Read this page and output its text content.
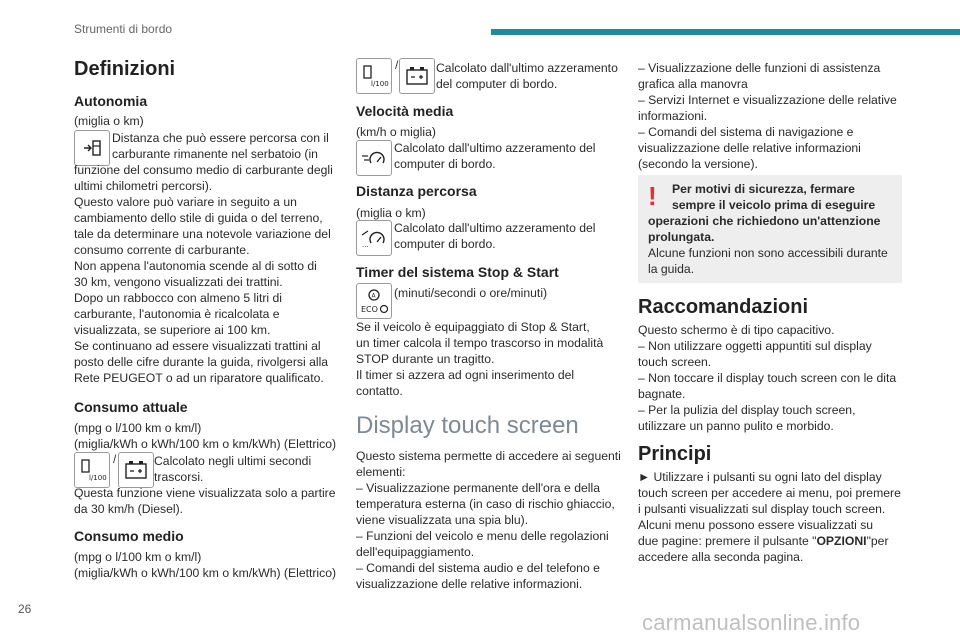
Strumenti di bordo
26
carmanualsonline.info
Definizioni
Autonomia
(miglia o km)
Distanza che può essere percorsa con il
carburante rimanente nel serbatoio (in
funzione del consumo medio di carburante degli
ultimi chilometri percorsi).
Questo valore può variare in seguito a un
cambiamento dello stile di guida o del terreno,
tale da determinare una notevole variazione del
consumo corrente di carburante.
Non appena l'autonomia scende al di sotto di
30 km, vengono visualizzati dei trattini.
Dopo un rabbocco con almeno 5 litri di
carburante, l'autonomia è ricalcolata e
visualizzata, se superiore ai 100 km.
Se continuano ad essere visualizzati trattini al
posto delle cifre durante la guida, rivolgersi alla
Rete PEUGEOT o ad un riparatore qualificato.
Consumo attuale
(mpg o l/100 km o km/l)
(miglia/kWh o kWh/100 km o km/kWh) (Elettrico)
l/100
/	Calcolato negli ultimi secondi
trascorsi.
Questa funzione viene visualizzata solo a partire
da 30 km/h (Diesel).
Consumo medio
(mpg o l/100 km o km/l)
(miglia/kWh o kWh/100 km o km/kWh) (Elettrico)
l/100
/	Calcolato dall'ultimo azzeramento
del computer di bordo.
Velocità media
(km/h o miglia)
Calcolato dall'ultimo azzeramento del
computer di bordo.
Distanza percorsa
(miglia o km)
...
Calcolato dall'ultimo azzeramento del
computer di bordo.
Timer del sistema Stop & Start
A
ECO
(minuti/secondi o ore/minuti)
Se il veicolo è equipaggiato di Stop & Start,
un timer calcola il tempo trascorso in modalità
STOP durante un tragitto.
Il timer si azzera ad ogni inserimento del
contatto.
Display touch screen
Questo sistema permette di accedere ai seguenti
elementi:
– Visualizzazione permanente dell'ora e della
temperatura esterna (in caso di rischio ghiaccio,
viene visualizzata una spia blu).
– Funzioni del veicolo e menu delle regolazioni
dell'equipaggiamento.
– Comandi del sistema audio e del telefono e
visualizzazione delle relative informazioni.
– Visualizzazione delle funzioni di assistenza
grafica alla manovra
– Servizi Internet e visualizzazione delle relative
informazioni.
– Comandi del sistema di navigazione e
visualizzazione delle relative informazioni
(secondo la versione).
! Per motivi di sicurezza, fermare
sempre il veicolo prima di eseguire
operazioni che richiedono un'attenzione
prolungata.
Alcune funzioni non sono accessibili durante
la guida.
Raccomandazioni
Questo schermo è di tipo capacitivo.
– Non utilizzare oggetti appuntiti sul display
touch screen.
– Non toccare il display touch screen con le dita
bagnate.
– Per la pulizia del display touch screen,
utilizzare un panno pulito e morbido.
Principi
► Utilizzare i pulsanti su ogni lato del display
touch screen per accedere ai menu, poi premere
i pulsanti visualizzati sul display touch screen.
Alcuni menu possono essere visualizzati su
due pagine: premere il pulsante "OPZIONI"per
accedere alla seconda pagina.
